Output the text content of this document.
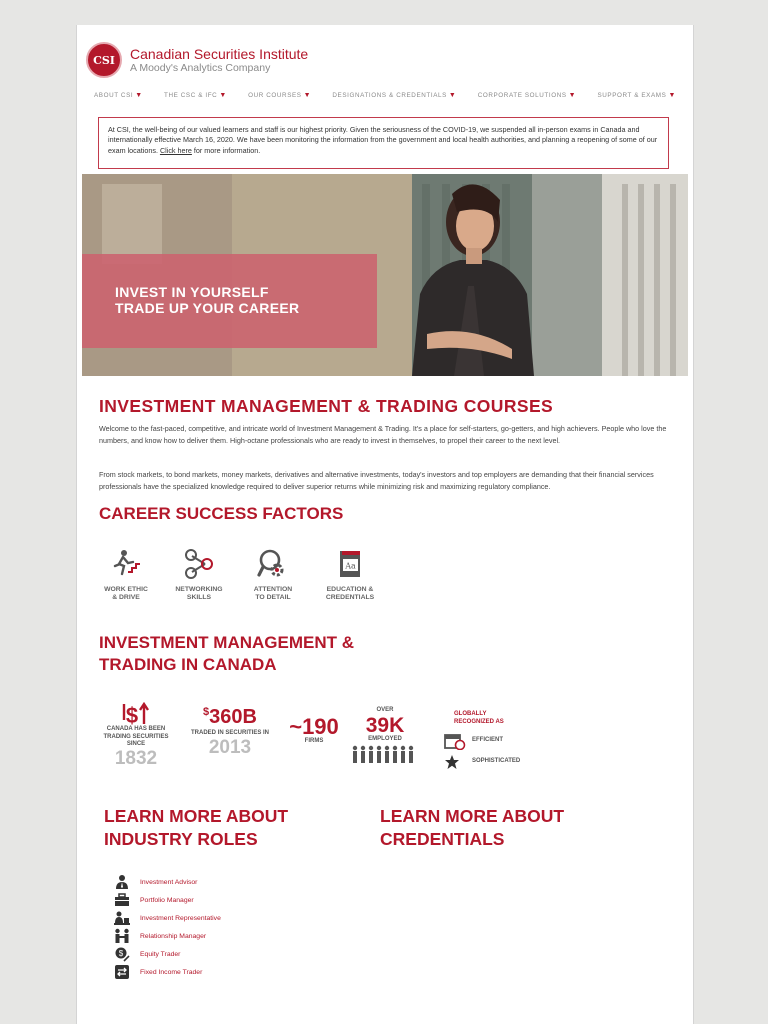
CSI	Canadian Securities Institute
A Moody's Analytics Company
ABOUT CSI ▼	THE CSC & IFC ▼	OUR COURSES ▼	DESIGNATIONS & CREDENTIALS ▼	CORPORATE SOLUTIONS ▼	SUPPORT & EXAMS ▼
At CSI, the well-being of our valued learners and staff is our highest priority. Given the seriousness of the COVID-19, we suspended all in-person exams in Canada and internationally effective March 16, 2020. We have been monitoring the information from the government and local health authorities, and planning a reopening of some of our exam locations. Click here for more information.
INVEST IN YOURSELF
TRADE UP YOUR CAREER
INVESTMENT MANAGEMENT & TRADING COURSES
Welcome to the fast-paced, competitive, and intricate world of Investment Management & Trading. It's a place for self-starters, go-getters, and high achievers. People who love the numbers, and know how to deliver them. High-octane professionals who are ready to invest in themselves, to propel their career to the next level.
From stock markets, to bond markets, money markets, derivatives and alternative investments, today's investors and top employers are demanding that their financial services professionals have the specialized knowledge required to deliver superior returns while minimizing risk and maximizing regulatory compliance.
CAREER SUCCESS FACTORS
WORK ETHIC
& DRIVE
NETWORKING
SKILLS
ATTENTION
TO DETAIL
Aa
EDUCATION &
CREDENTIALS
INVESTMENT MANAGEMENT &
TRADING IN CANADA
$
CANADA HAS BEEN TRADING SECURITIES SINCE
1832
$360B
TRADED IN SECURITIES IN
2013
~190
FIRMS
OVER
39K
EMPLOYED
GLOBALLY
RECOGNIZED AS
EFFICIENT
SOPHISTICATED
LEARN MORE ABOUT
INDUSTRY ROLES
LEARN MORE ABOUT
CREDENTIALS
Investment Advisor
Portfolio Manager
Investment Representative
Relationship Manager
$ Equity Trader
Fixed Income Trader
